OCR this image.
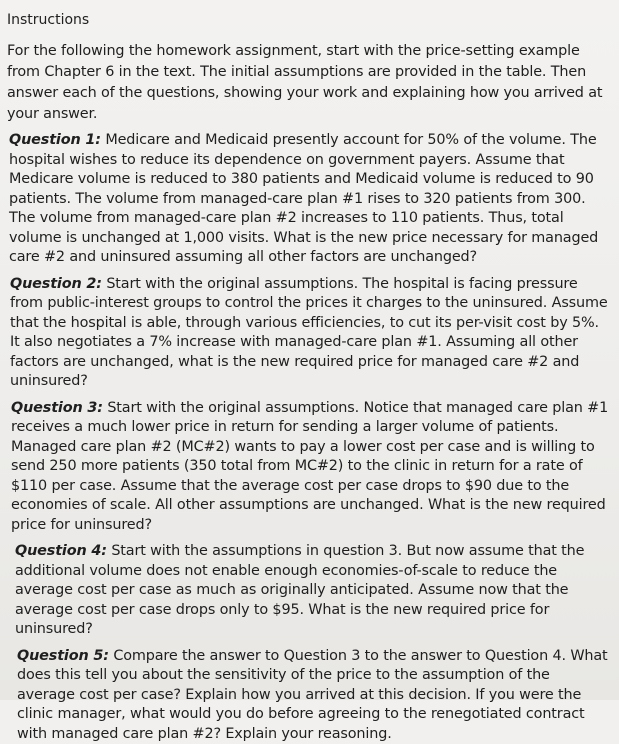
Instructions
For the following the homework assignment, start with the price-setting example from Chapter 6 in the text. The initial assumptions are provided in the table. Then answer each of the questions, showing your work and explaining how you arrived at your answer.
Question 1: Medicare and Medicaid presently account for 50% of the volume. The hospital wishes to reduce its dependence on government payers. Assume that Medicare volume is reduced to 380 patients and Medicaid volume is reduced to 90 patients. The volume from managed-care plan #1 rises to 320 patients from 300. The volume from managed-care plan #2 increases to 110 patients. Thus, total volume is unchanged at 1,000 visits. What is the new price necessary for managed care #2 and uninsured assuming all other factors are unchanged?
Question 2: Start with the original assumptions. The hospital is facing pressure from public-interest groups to control the prices it charges to the uninsured. Assume that the hospital is able, through various efficiencies, to cut its per-visit cost by 5%. It also negotiates a 7% increase with managed-care plan #1. Assuming all other factors are unchanged, what is the new required price for managed care #2 and uninsured?
Question 3: Start with the original assumptions. Notice that managed care plan #1 receives a much lower price in return for sending a larger volume of patients. Managed care plan #2 (MC#2) wants to pay a lower cost per case and is willing to send 250 more patients (350 total from MC#2) to the clinic in return for a rate of $110 per case. Assume that the average cost per case drops to $90 due to the economies of scale. All other assumptions are unchanged. What is the new required price for uninsured?
Question 4: Start with the assumptions in question 3. But now assume that the additional volume does not enable enough economies-of-scale to reduce the average cost per case as much as originally anticipated. Assume now that the average cost per case drops only to $95. What is the new required price for uninsured?
Question 5: Compare the answer to Question 3 to the answer to Question 4. What does this tell you about the sensitivity of the price to the assumption of the average cost per case? Explain how you arrived at this decision. If you were the clinic manager, what would you do before agreeing to the renegotiated contract with managed care plan #2? Explain your reasoning.
